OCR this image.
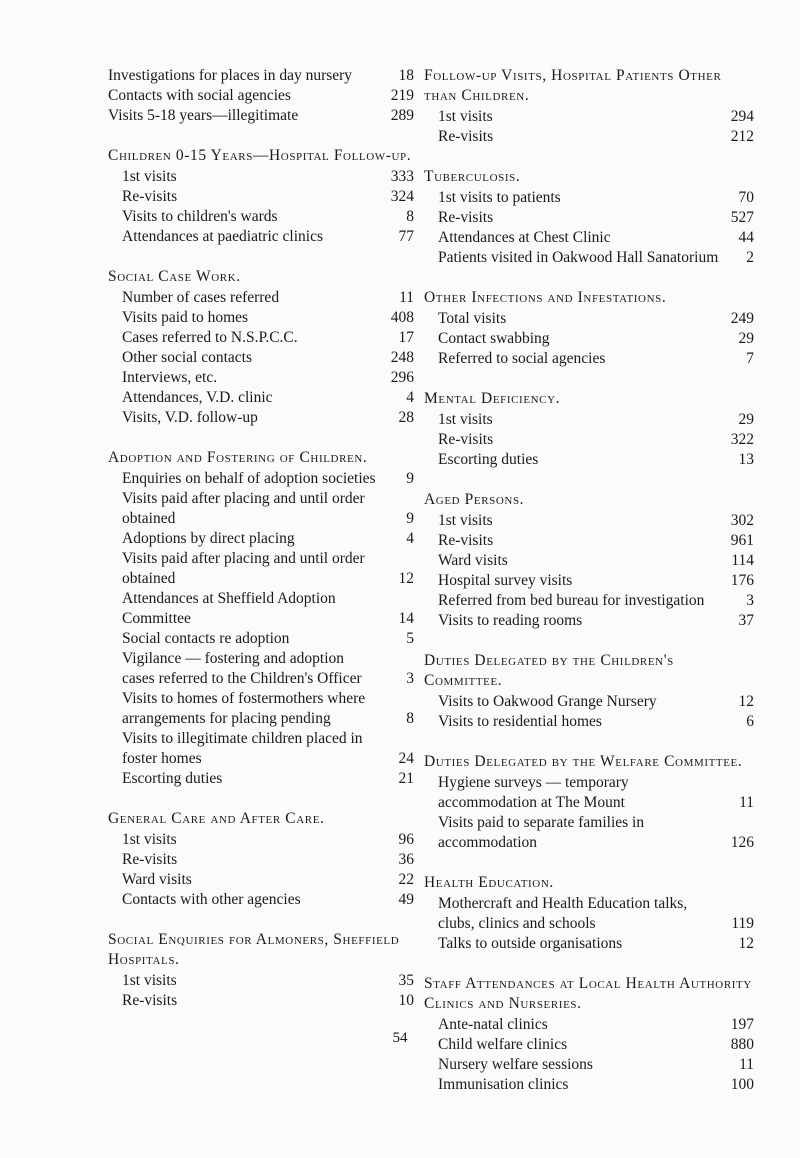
Investigations for places in day nursery	18
Contacts with social agencies	219
Visits 5-18 years—illegitimate	289
Children 0-15 Years—Hospital Follow-up.
1st visits	333
Re-visits	324
Visits to children's wards	8
Attendances at paediatric clinics	77
Social Case Work.
Number of cases referred	11
Visits paid to homes	408
Cases referred to N.S.P.C.C.	17
Other social contacts	248
Interviews, etc.	296
Attendances, V.D. clinic	4
Visits, V.D. follow-up	28
Adoption and Fostering of Children.
Enquiries on behalf of adoption societies	9
Visits paid after placing and until order obtained	9
Adoptions by direct placing	4
Visits paid after placing and until order obtained	12
Attendances at Sheffield Adoption Committee	14
Social contacts re adoption	5
Vigilance — fostering and adoption cases referred to the Children's Officer	3
Visits to homes of fostermothers where arrangements for placing pending	8
Visits to illegitimate children placed in foster homes	24
Escorting duties	21
General Care and After Care.
1st visits	96
Re-visits	36
Ward visits	22
Contacts with other agencies	49
Social Enquiries for Almoners, Sheffield Hospitals.
1st visits	35
Re-visits	10
Follow-up Visits, Hospital Patients Other than Children.
1st visits	294
Re-visits	212
Tuberculosis.
1st visits to patients	70
Re-visits	527
Attendances at Chest Clinic	44
Patients visited in Oakwood Hall Sanatorium	2
Other Infections and Infestations.
Total visits	249
Contact swabbing	29
Referred to social agencies	7
Mental Deficiency.
1st visits	29
Re-visits	322
Escorting duties	13
Aged Persons.
1st visits	302
Re-visits	961
Ward visits	114
Hospital survey visits	176
Referred from bed bureau for investigation	3
Visits to reading rooms	37
Duties Delegated by the Children's Committee.
Visits to Oakwood Grange Nursery	12
Visits to residential homes	6
Duties Delegated by the Welfare Committee.
Hygiene surveys — temporary accommodation at The Mount	11
Visits paid to separate families in accommodation	126
Health Education.
Mothercraft and Health Education talks, clubs, clinics and schools	119
Talks to outside organisations	12
Staff Attendances at Local Health Authority Clinics and Nurseries.
Ante-natal clinics	197
Child welfare clinics	880
Nursery welfare sessions	11
Immunisation clinics	100
54
